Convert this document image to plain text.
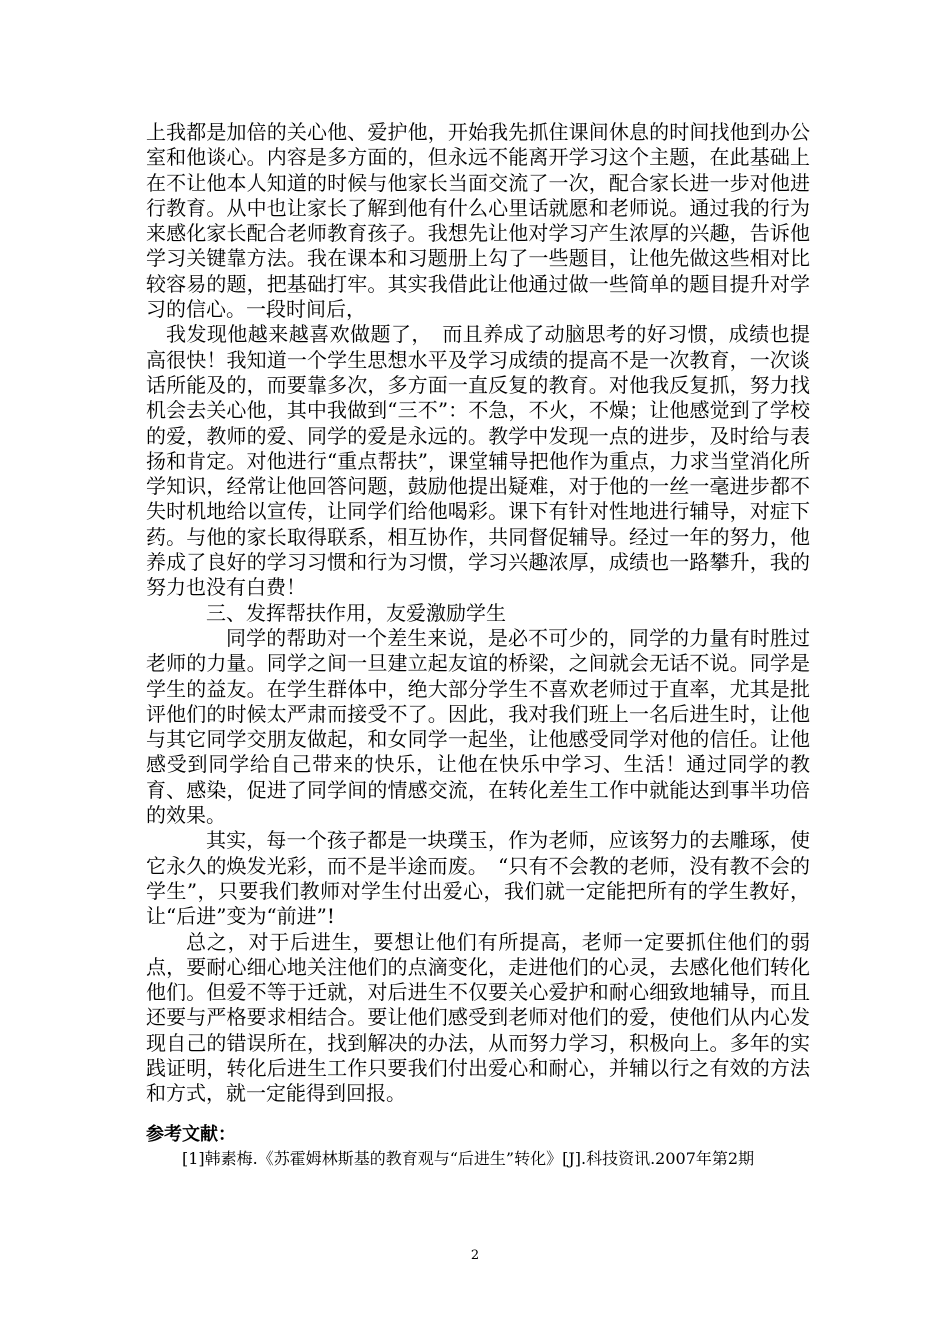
上我都是加倍的关心他、爱护他，开始我先抓住课间休息的时间找他到办公室和他谈心。内容是多方面的，但永远不能离开学习这个主题，在此基础上在不让他本人知道的时候与他家长当面交流了一次，配合家长进一步对他进行教育。从中也让家长了解到他有什么心里话就愿和老师说。通过我的行为来感化家长配合老师教育孩子。我想先让他对学习产生浓厚的兴趣，告诉他学习关键靠方法。我在课本和习题册上勾了一些题目，让他先做这些相对比较容易的题，把基础打牢。其实我借此让他通过做一些简单的题目提升对学习的信心。一段时间后，

我发现他越来越喜欢做题了，　而且养成了动脑思考的好习惯，成绩也提高很快！我知道一个学生思想水平及学习成绩的提高不是一次教育，一次谈话所能及的，而要靠多次，多方面一直反复的教育。对他我反复抓，努力找机会去关心他，其中我做到“三不”：不急，不火，不燥；让他感觉到了学校的爱，教师的爱、同学的爱是永远的。教学中发现一点的进步，及时给与表扬和肯定。对他进行“重点帮扶”，课堂辅导把他作为重点，力求当堂消化所学知识，经常让他回答问题，鼓励他提出疑难，对于他的一丝一毫进步都不失时机地给以宣传，让同学们给他喝彩。课下有针对性地进行辅导，对症下药。与他的家长取得联系，相互协作，共同督促辅导。经过一年的努力，他养成了良好的学习习惯和行为习惯，学习兴趣浓厚，成绩也一路攀升，我的努力也没有白费！

三、发挥帮扶作用，友爱激励学生

同学的帮助对一个差生来说，是必不可少的，同学的力量有时胜过老师的力量。同学之间一旦建立起友谊的桥梁，之间就会无话不说。同学是学生的益友。在学生群体中，绝大部分学生不喜欢老师过于直率，尤其是批评他们的时候太严肃而接受不了。因此，我对我们班上一名后进生时，让他与其它同学交朋友做起，和女同学一起坐，让他感受同学对他的信任。让他感受到同学给自己带来的快乐，让他在快乐中学习、生活！通过同学的教育、感染，促进了同学间的情感交流，在转化差生工作中就能达到事半功倍的效果。

其实，每一个孩子都是一块璞玉，作为老师，应该努力的去雕琢，使它永久的焕发光彩，而不是半途而废。　“只有不会教的老师，没有教不会的学生”，只要我们教师对学生付出爱心，我们就一定能把所有的学生教好，让“后进”变为“前进”!

总之，对于后进生，要想让他们有所提高，老师一定要抓住他们的弱点，要耐心细心地关注他们的点滴变化，走进他们的心灵，去感化他们转化他们。但爱不等于迁就，对后进生不仅要关心爱护和耐心细致地辅导，而且还要与严格要求相结合。要让他们感受到老师对他们的爱，使他们从内心发现自己的错误所在，找到解决的办法，从而努力学习，积极向上。多年的实践证明，转化后进生工作只要我们付出爱心和耐心，并辅以行之有效的方法和方式，就一定能得到回报。

参考文献：
[1]韩素梅.《苏霍姆林斯基的教育观与“后进生”转化》[J].科技资讯.2007年第2期
2
